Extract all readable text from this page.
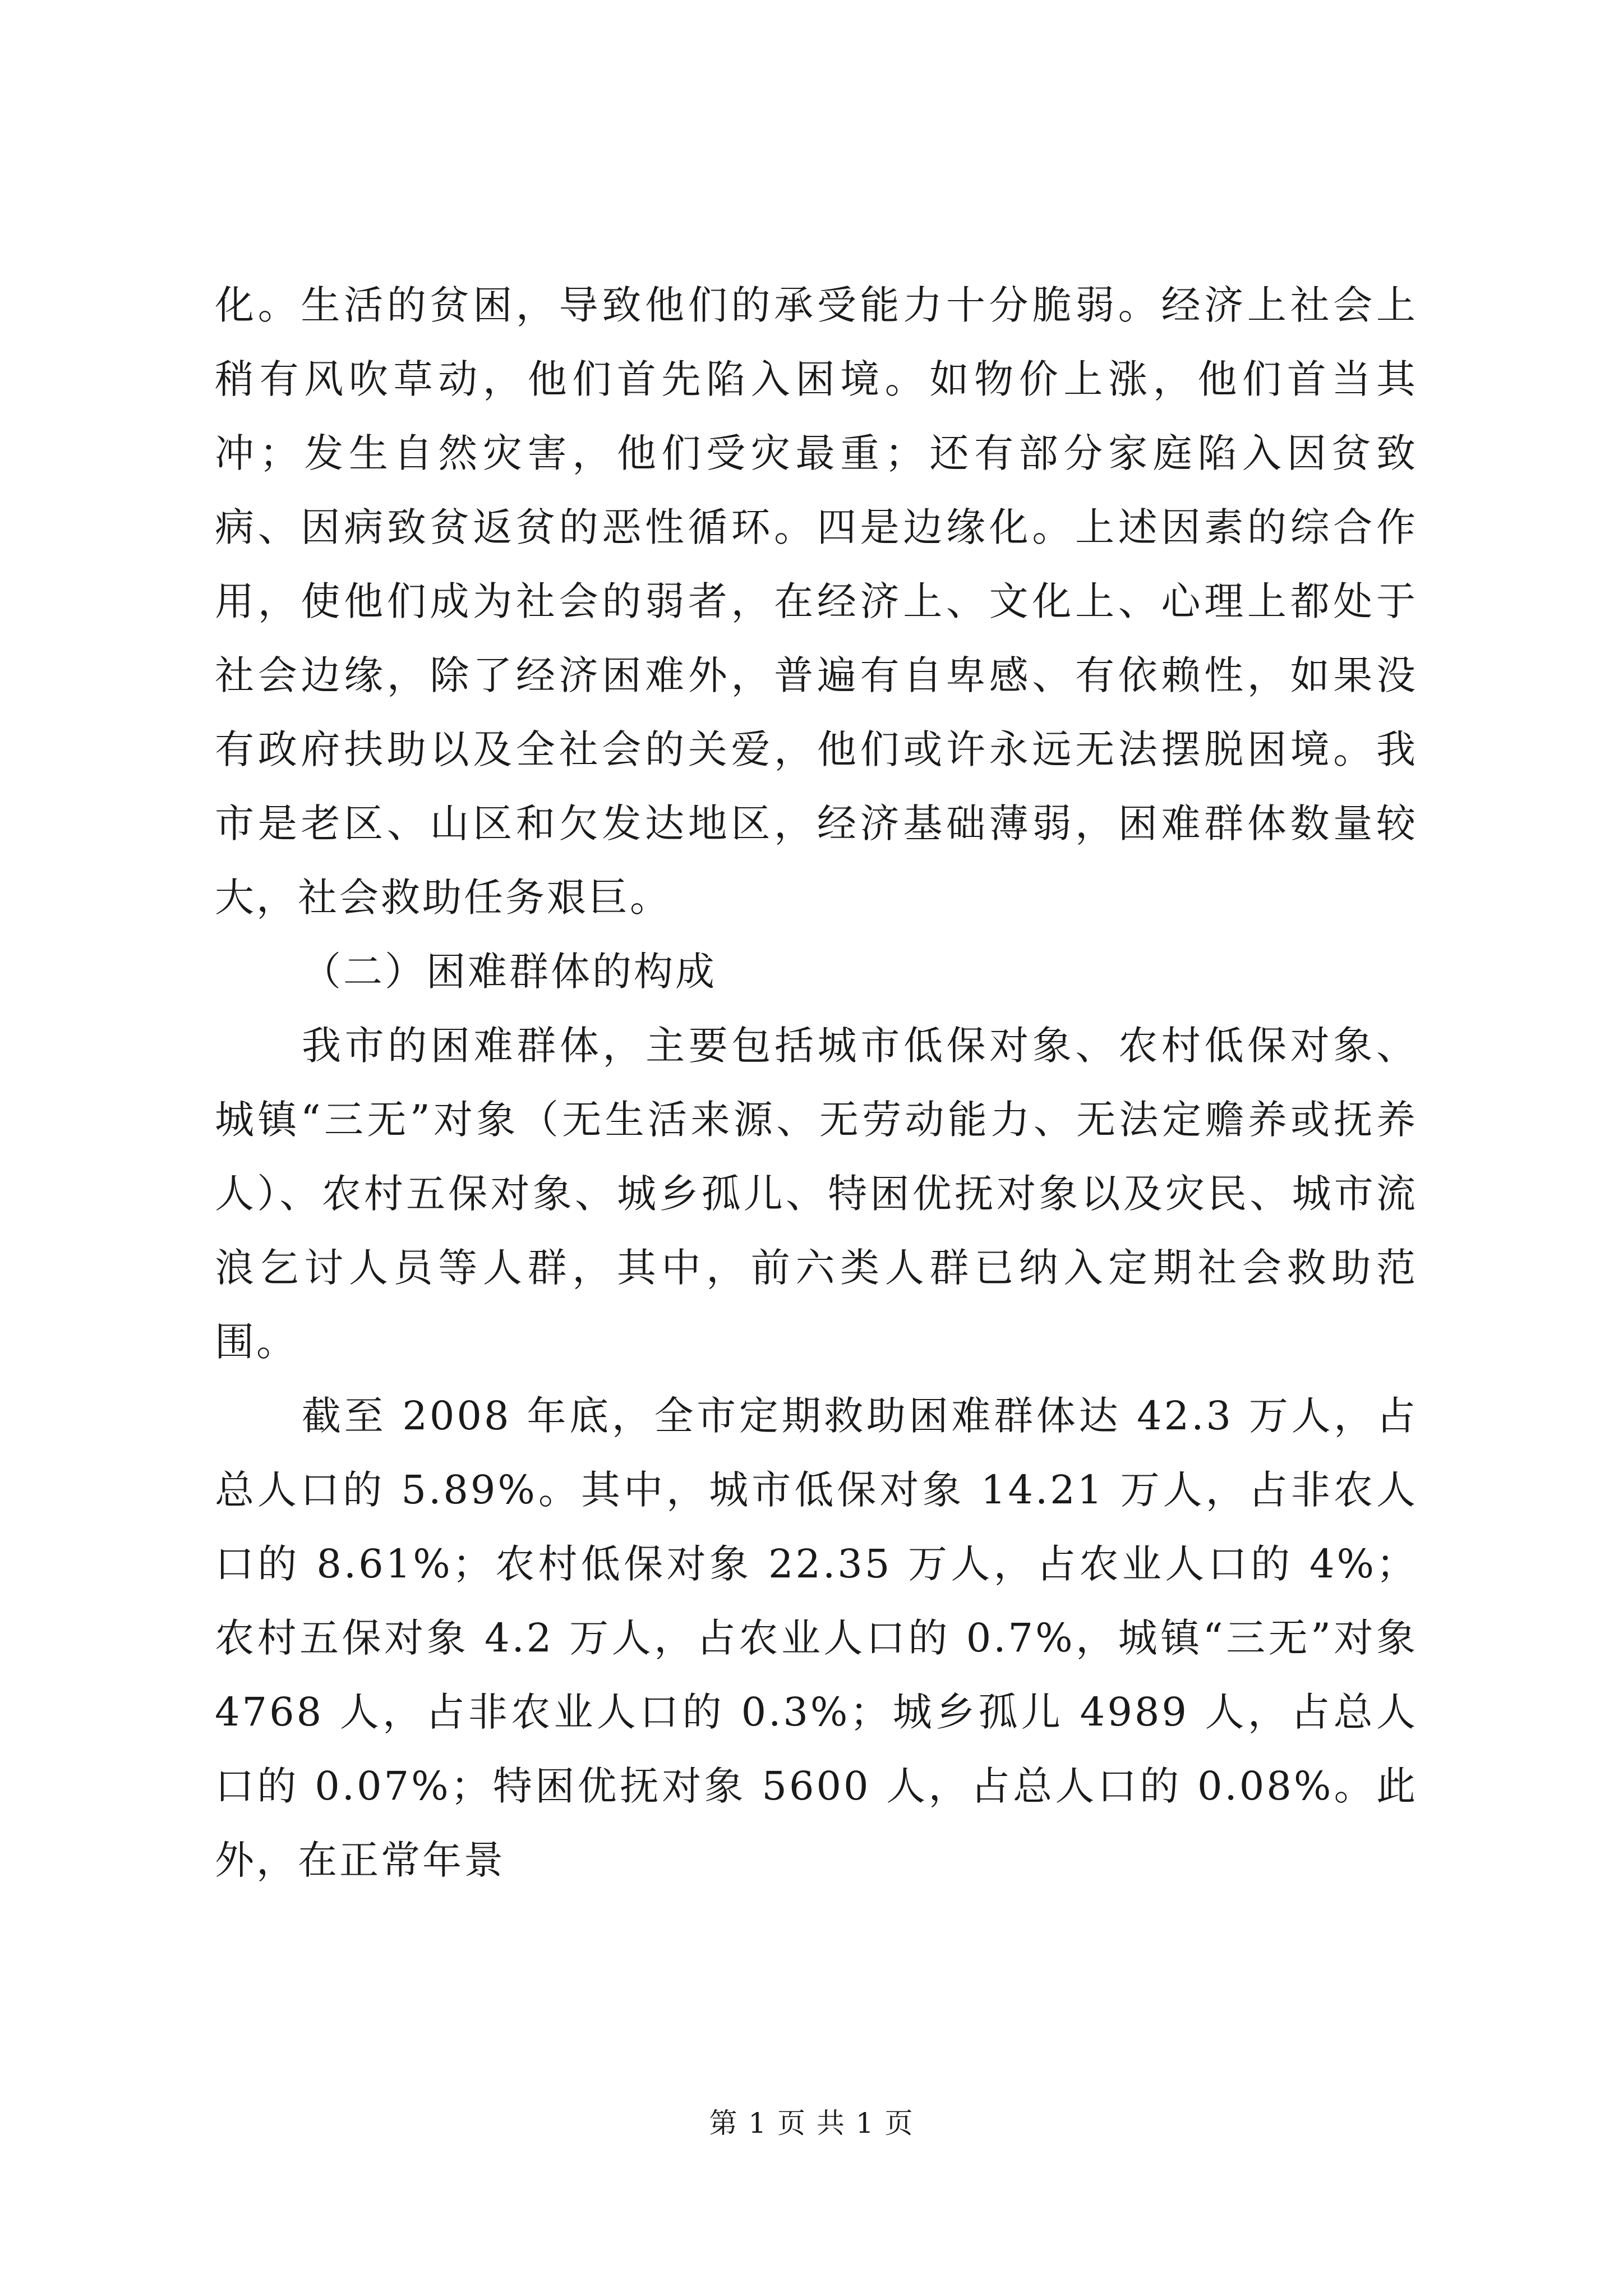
化。生活的贫困，导致他们的承受能力十分脆弱。经济上社会上稍有风吹草动，他们首先陷入困境。如物价上涨，他们首当其冲；发生自然灾害，他们受灾最重；还有部分家庭陷入因贫致病、因病致贫返贫的恶性循环。四是边缘化。上述因素的综合作用，使他们成为社会的弱者，在经济上、文化上、心理上都处于社会边缘，除了经济困难外，普遍有自卑感、有依赖性，如果没有政府扶助以及全社会的关爱，他们或许永远无法摆脱困境。我市是老区、山区和欠发达地区，经济基础薄弱，困难群体数量较大，社会救助任务艰巨。

（二）困难群体的构成

我市的困难群体，主要包括城市低保对象、农村低保对象、城镇“三无”对象（无生活来源、无劳动能力、无法定赡养或抚养人）、农村五保对象、城乡孤儿、特困优抚对象以及灾民、城市流浪乞讨人员等人群，其中，前六类人群已纳入定期社会救助范围。

截至 2008 年底，全市定期救助困难群体达 42.3 万人，占总人口的 5.89%。其中，城市低保对象 14.21 万人，占非农人口的 8.61%；农村低保对象 22.35 万人，占农业人口的 4%；农村五保对象 4.2 万人，占农业人口的 0.7%，城镇“三无”对象 4768 人，占非农业人口的 0.3%；城乡孤儿 4989 人，占总人口的 0.07%；特困优抚对象 5600 人，占总人口的 0.08%。此外，在正常年景

第 1 页 共 1 页
